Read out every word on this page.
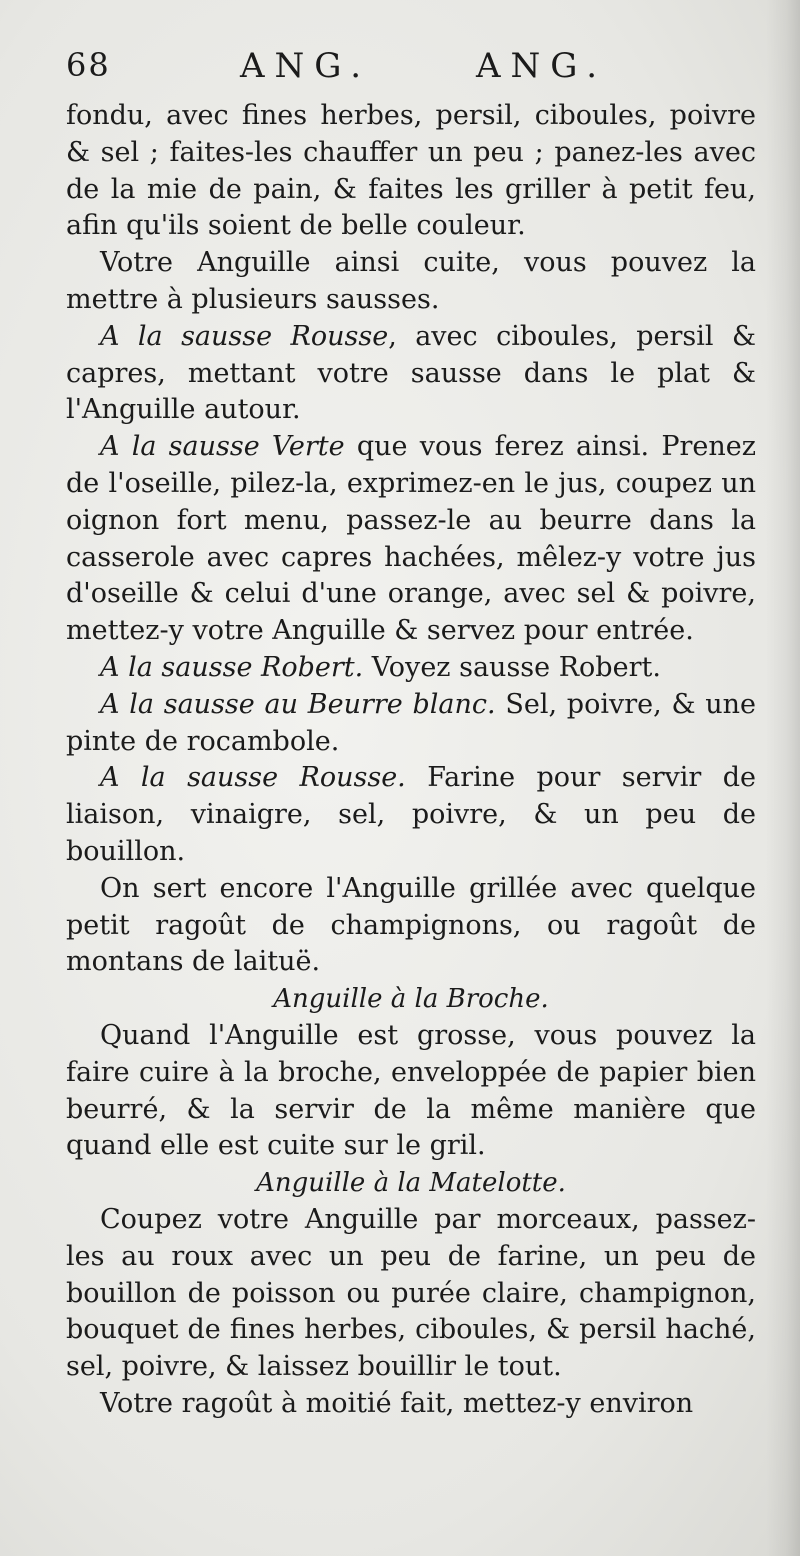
68	ANG.	ANG.

fondu, avec fines herbes, persil, ciboules, poivre & sel ; faites-les chauffer un peu ; panez-les avec de la mie de pain, & faites les griller à petit feu, afin qu'ils soient de belle couleur.

Votre Anguille ainsi cuite, vous pouvez la mettre à plusieurs sausses.

A la sausse Rousse, avec ciboules, persil & capres, mettant votre sausse dans le plat & l'Anguille autour.

A la sausse Verte que vous ferez ainsi. Prenez de l'oseille, pilez-la, exprimez-en le jus, coupez un oignon fort menu, passez-le au beurre dans la casserole avec capres hachées, mêlez-y votre jus d'oseille & celui d'une orange, avec sel & poivre, mettez-y votre Anguille & servez pour entrée.

A la sausse Robert. Voyez sausse Robert.

A la sausse au Beurre blanc. Sel, poivre, & une pinte de rocambole.

A la sausse Rousse. Farine pour servir de liaison, vinaigre, sel, poivre, & un peu de bouillon.

On sert encore l'Anguille grillée avec quelque petit ragoût de champignons, ou ragoût de montans de laituë.

Anguille à la Broche.

Quand l'Anguille est grosse, vous pouvez la faire cuire à la broche, enveloppée de papier bien beurré, & la servir de la même manière que quand elle est cuite sur le gril.

Anguille à la Matelotte.

Coupez votre Anguille par morceaux, passez-les au roux avec un peu de farine, un peu de bouillon de poisson ou purée claire, champignon, bouquet de fines herbes, ciboules, & persil haché, sel, poivre, & laissez bouillir le tout.

Votre ragoût à moitié fait, mettez-y environ
